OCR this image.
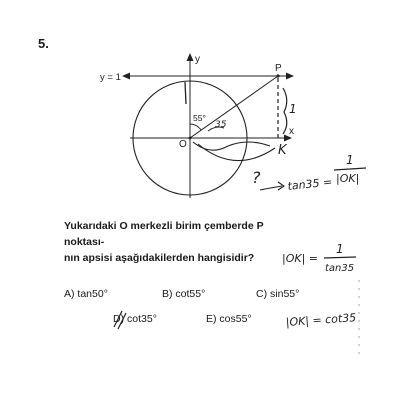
5.
y = 1
y
x
O
P
55°
35
1
K
? tan35 =
1
|OK|
|OK| =
1
tan35
|OK| = cot35
Yukarıdaki O merkezli birim çemberde P noktası-
nın apsisi aşağıdakilerden hangisidir?
A) tan50°	B) cot55°	C) sin55°
D) cot35°	E) cos55°
